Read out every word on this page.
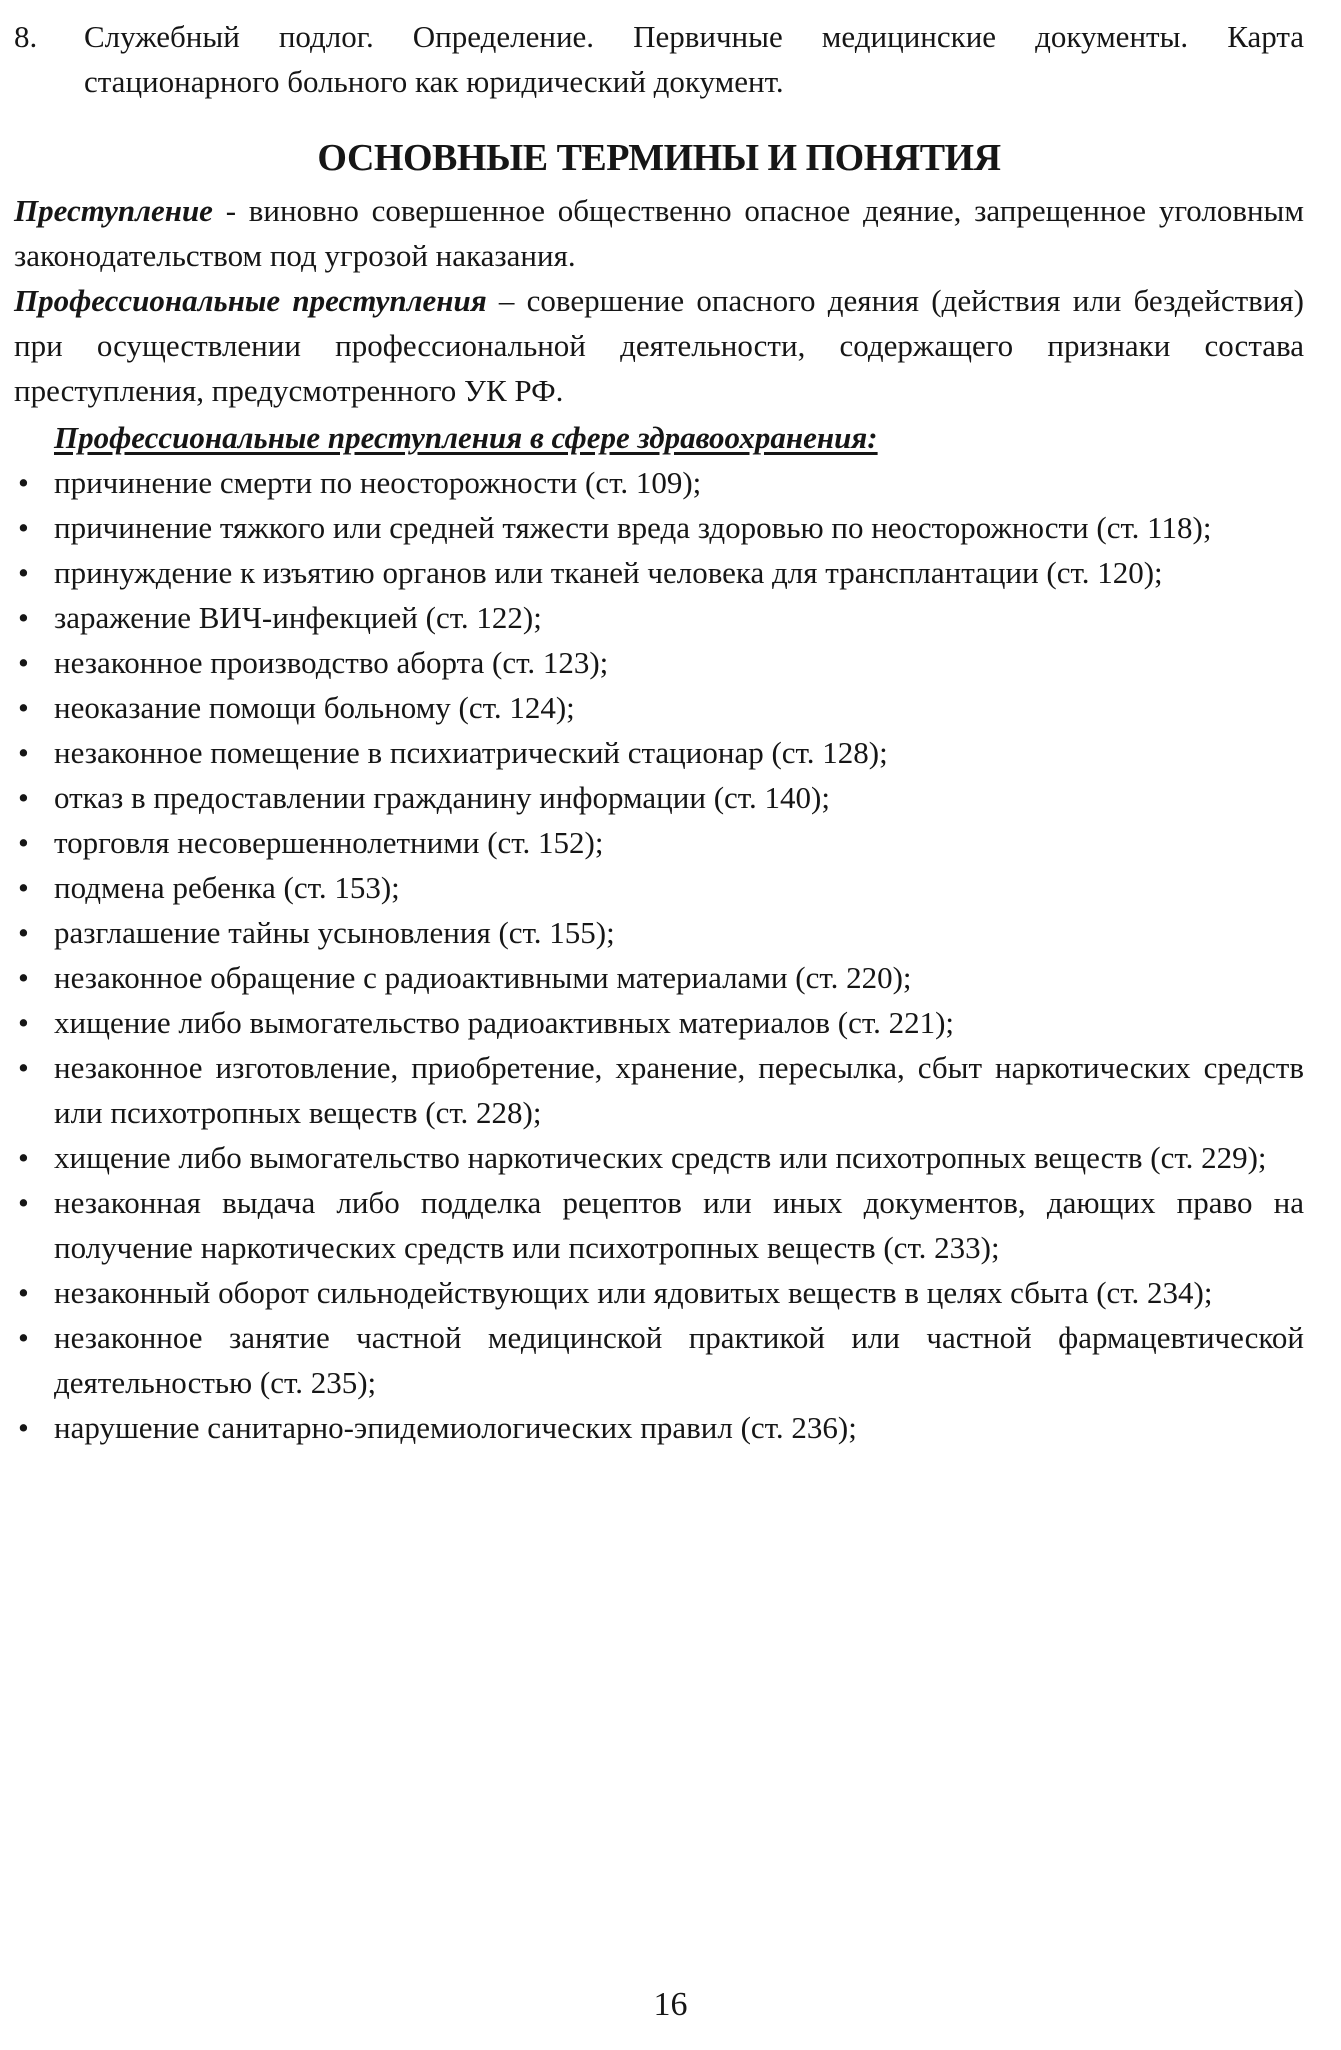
8.	Служебный подлог. Определение. Первичные медицинские документы. Карта стационарного больного как юридический документ.
ОСНОВНЫЕ ТЕРМИНЫ И ПОНЯТИЯ

Преступление - виновно совершенное общественно опасное деяние, запрещенное уголовным законодательством под угрозой наказания.

Профессиональные преступления – совершение опасного деяния (действия или бездействия) при осуществлении профессиональной деятельности, содержащего признаки состава преступления, предусмотренного УК РФ.

Профессиональные преступления в сфере здравоохранения:
• причинение смерти по неосторожности (ст. 109);
• причинение тяжкого или средней тяжести вреда здоровью по неосторожности (ст. 118);
• принуждение к изъятию органов или тканей человека для трансплантации (ст. 120);
• заражение ВИЧ-инфекцией (ст. 122);
• незаконное производство аборта (ст. 123);
• неоказание помощи больному (ст. 124);
• незаконное помещение в психиатрический стационар (ст. 128);
• отказ в предоставлении гражданину информации (ст. 140);
• торговля несовершеннолетними (ст. 152);
• подмена ребенка (ст. 153);
• разглашение тайны усыновления (ст. 155);
• незаконное обращение с радиоактивными материалами (ст. 220);
• хищение либо вымогательство радиоактивных материалов (ст. 221);
• незаконное изготовление, приобретение, хранение, пересылка, сбыт наркотических средств или психотропных веществ (ст. 228);
• хищение либо вымогательство наркотических средств или психотропных веществ (ст. 229);
• незаконная выдача либо подделка рецептов или иных документов, дающих право на получение наркотических средств или психотропных веществ (ст. 233);
• незаконный оборот сильнодействующих или ядовитых веществ в целях сбыта (ст. 234);
• незаконное занятие частной медицинской практикой или частной фармацевтической деятельностью (ст. 235);
• нарушение санитарно-эпидемиологических правил (ст. 236);
16
